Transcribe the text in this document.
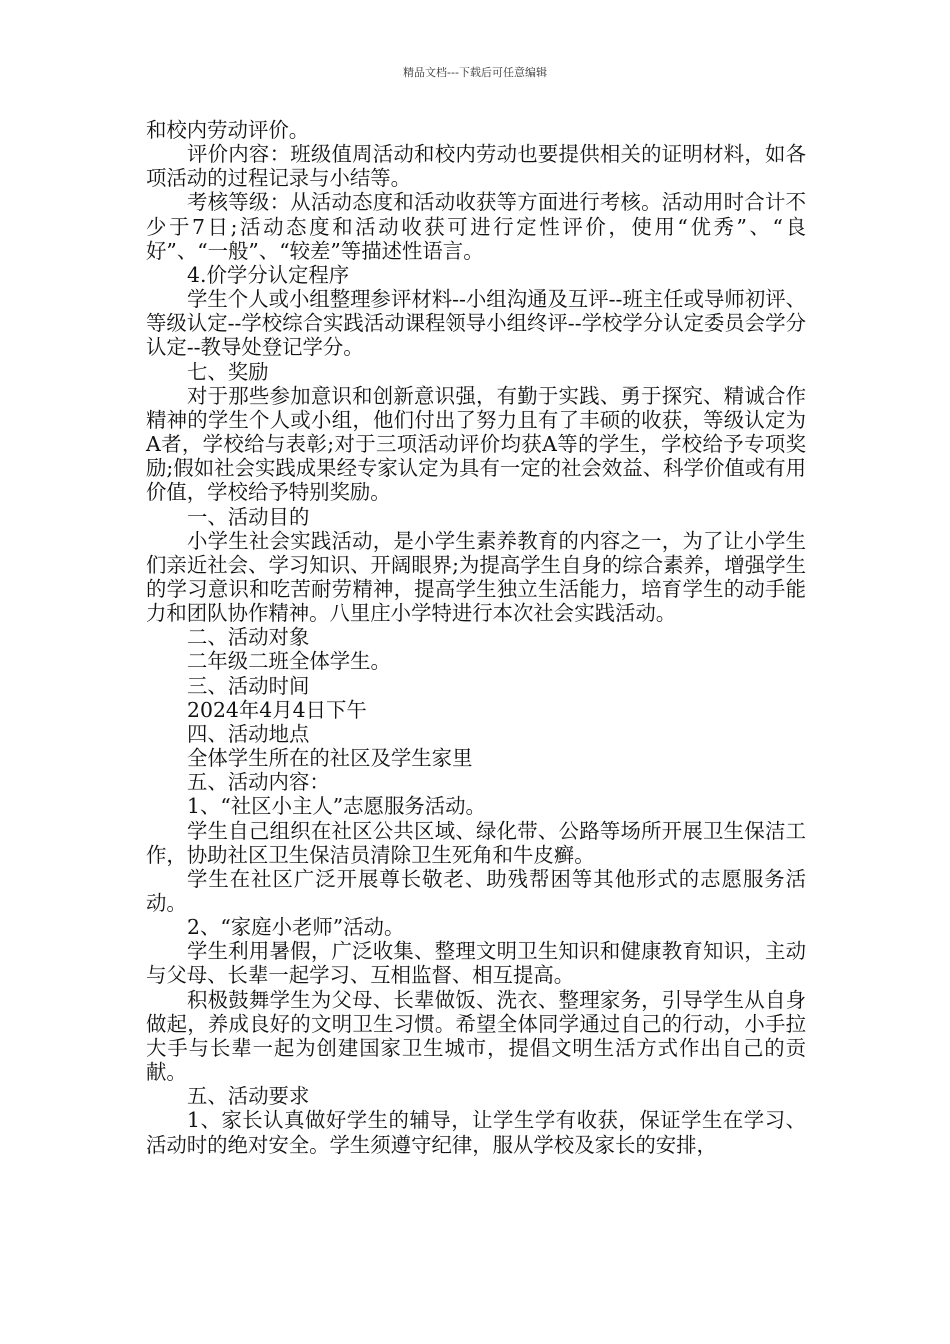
精品文档---下载后可任意编辑

和校内劳动评价。

评价内容：班级值周活动和校内劳动也要提供相关的证明材料，如各项活动的过程记录与小结等。

考核等级：从活动态度和活动收获等方面进行考核。活动用时合计不少于7日;活动态度和活动收获可进行定性评价，使用“优秀”、“良好”、“一般”、“较差”等描述性语言。

4.价学分认定程序

学生个人或小组整理参评材料--小组沟通及互评--班主任或导师初评、等级认定--学校综合实践活动课程领导小组终评--学校学分认定委员会学分认定--教导处登记学分。

七、奖励

对于那些参加意识和创新意识强，有勤于实践、勇于探究、精诚合作精神的学生个人或小组，他们付出了努力且有了丰硕的收获，等级认定为A者，学校给与表彰;对于三项活动评价均获A等的学生，学校给予专项奖励;假如社会实践成果经专家认定为具有一定的社会效益、科学价值或有用价值，学校给予特别奖励。

一、活动目的

小学生社会实践活动，是小学生素养教育的内容之一，为了让小学生们亲近社会、学习知识、开阔眼界;为提高学生自身的综合素养，增强学生的学习意识和吃苦耐劳精神，提高学生独立生活能力，培育学生的动手能力和团队协作精神。八里庄小学特进行本次社会实践活动。

二、活动对象

二年级二班全体学生。

三、活动时间

2024年4月4日下午

四、活动地点

全体学生所在的社区及学生家里

五、活动内容：

1、“社区小主人”志愿服务活动。

学生自己组织在社区公共区域、绿化带、公路等场所开展卫生保洁工作，协助社区卫生保洁员清除卫生死角和牛皮癣。

学生在社区广泛开展尊长敬老、助残帮困等其他形式的志愿服务活动。

2、“家庭小老师”活动。

学生利用暑假，广泛收集、整理文明卫生知识和健康教育知识，主动与父母、长辈一起学习、互相监督、相互提高。

积极鼓舞学生为父母、长辈做饭、洗衣、整理家务，引导学生从自身做起，养成良好的文明卫生习惯。希望全体同学通过自己的行动，小手拉大手与长辈一起为创建国家卫生城市，提倡文明生活方式作出自己的贡献。

五、活动要求

1、家长认真做好学生的辅导，让学生学有收获，保证学生在学习、活动时的绝对安全。学生须遵守纪律，服从学校及家长的安排，
